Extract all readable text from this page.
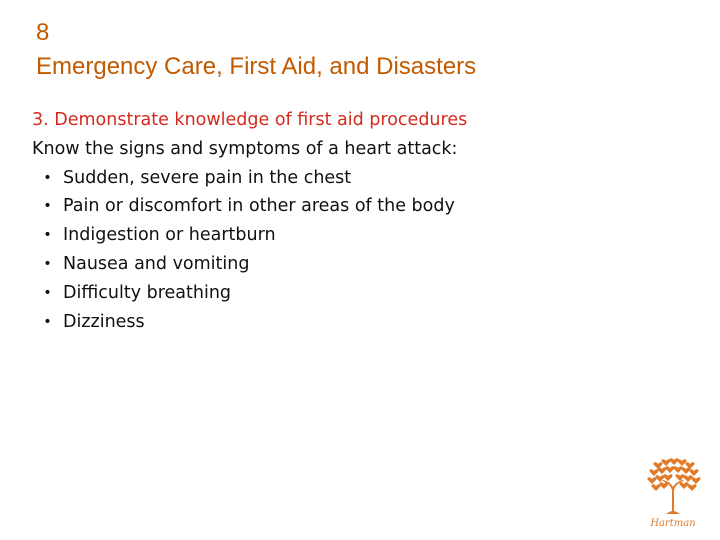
8
Emergency Care, First Aid, and Disasters
3. Demonstrate knowledge of first aid procedures
Know the signs and symptoms of a heart attack:
• Sudden, severe pain in the chest
• Pain or discomfort in other areas of the body
• Indigestion or heartburn
• Nausea and vomiting
• Difficulty breathing
• Dizziness
Hartman
